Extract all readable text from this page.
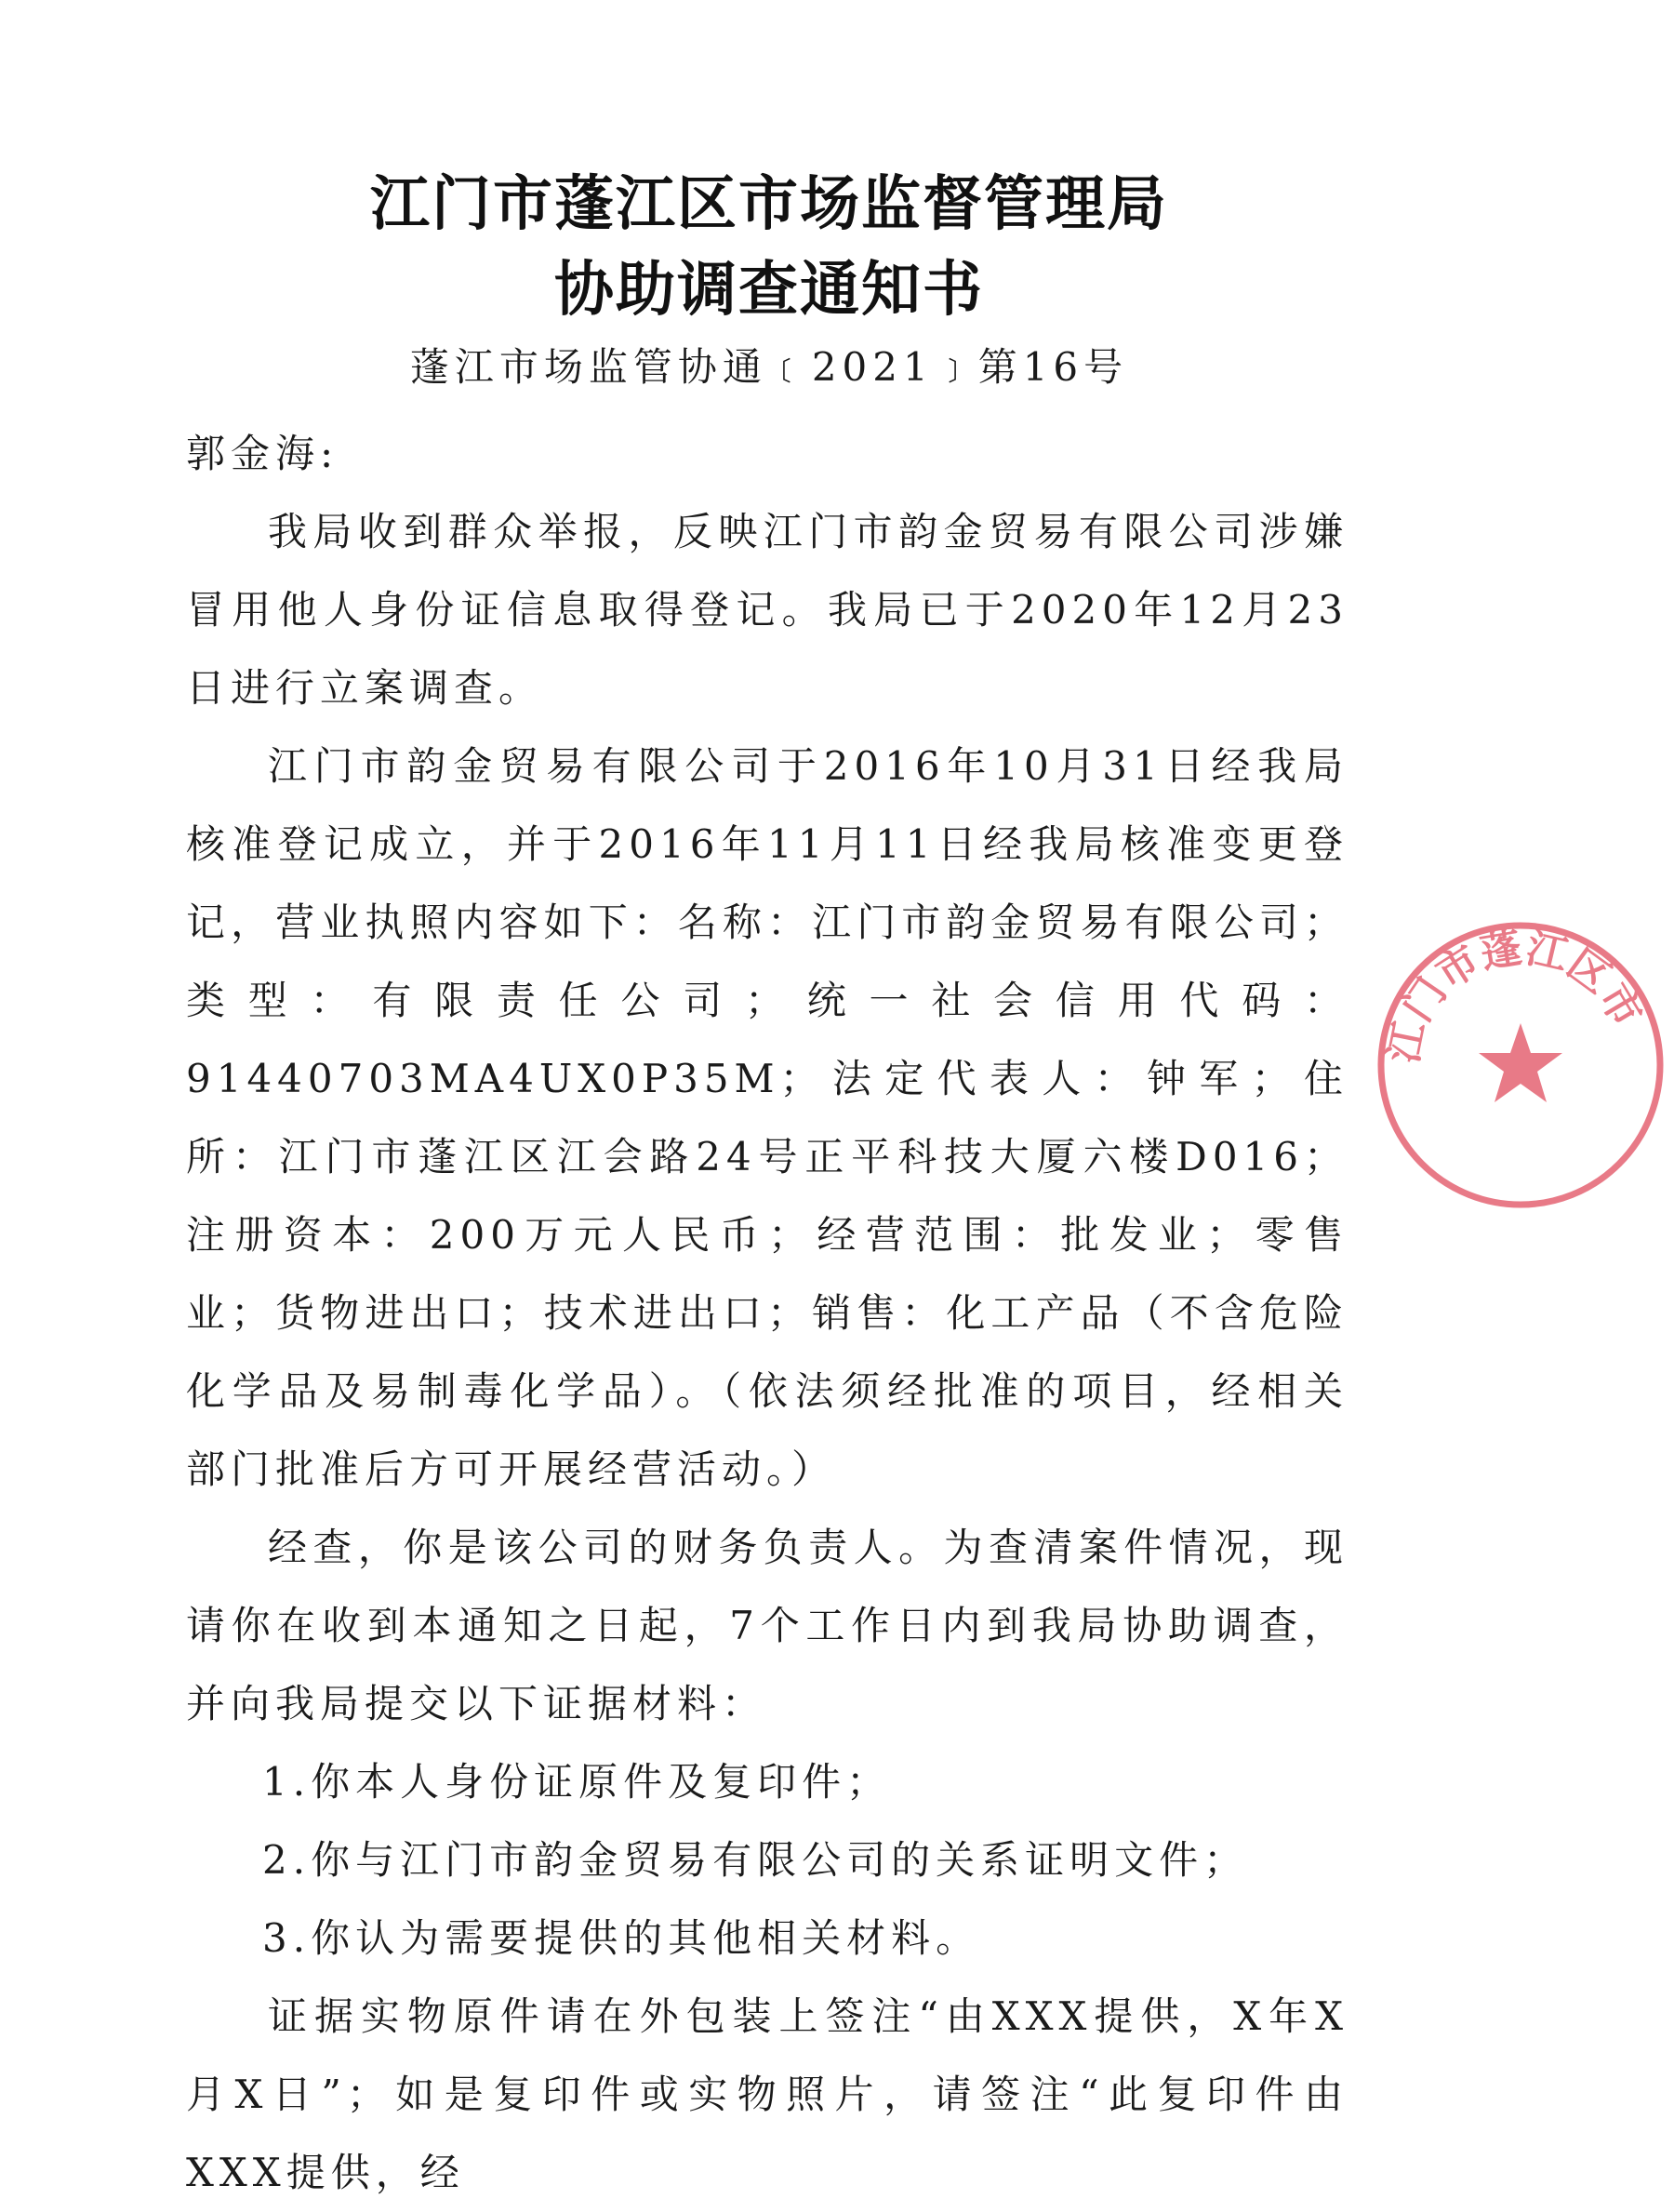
江门市蓬江区市场监督管理局
协助调查通知书
蓬江市场监管协通﹝2021﹞第16号

郭金海:

我局收到群众举报，反映江门市韵金贸易有限公司涉嫌冒用他人身份证信息取得登记。我局已于2020年12月23日进行立案调查。

江门市韵金贸易有限公司于2016年10月31日经我局核准登记成立，并于2016年11月11日经我局核准变更登记，营业执照内容如下：名称：江门市韵金贸易有限公司；类型：有限责任公司；统一社会信用代码：91440703MA4UX0P35M；法定代表人：钟军；住所：江门市蓬江区江会路24号正平科技大厦六楼D016；注册资本：200万元人民币；经营范围：批发业；零售业；货物进出口；技术进出口；销售：化工产品（不含危险化学品及易制毒化学品）。（依法须经批准的项目，经相关部门批准后方可开展经营活动。）

经查，你是该公司的财务负责人。为查清案件情况，现请你在收到本通知之日起，7个工作日内到我局协助调查，并向我局提交以下证据材料：

1.你本人身份证原件及复印件；

2.你与江门市韵金贸易有限公司的关系证明文件；

3.你认为需要提供的其他相关材料。

证据实物原件请在外包装上签注“由XXX提供，X年X月X日”；如是复印件或实物照片，请签注“此复印件由XXX提供，经

江门市蓬江区市
